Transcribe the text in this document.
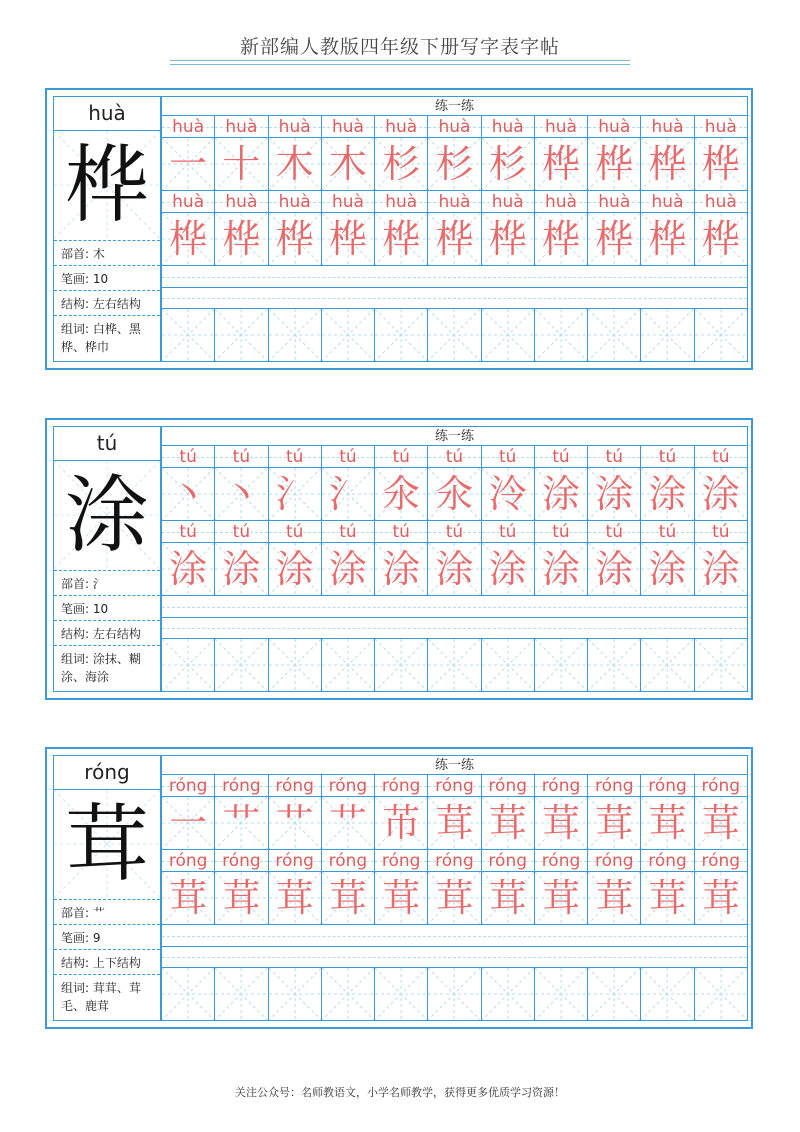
新部编人教版四年级下册写字表字帖
huà
桦
部首: 木
笔画: 10
结构: 左右结构
组词: 白桦、黑桦、桦巾
练一练
huà	huà	huà	huà	huà	huà	huà	huà	huà	huà	huà
一 十 木 木 杉 杉 杉 桦 桦 桦 桦
huà	huà	huà	huà	huà	huà	huà	huà	huà	huà	huà
桦 桦 桦 桦 桦 桦 桦 桦 桦 桦 桦
tú
涂
部首: 氵
笔画: 10
结构: 左右结构
组词: 涂抹、糊涂、海涂
练一练
tú	tú	tú	tú	tú	tú	tú	tú	tú	tú	tú
丶 丶 氵 氵 氽 氽 泠 涂 涂 涂 涂
tú	tú	tú	tú	tú	tú	tú	tú	tú	tú	tú
涂 涂 涂 涂 涂 涂 涂 涂 涂 涂 涂
róng
茸
部首: 艹
笔画: 9
结构: 上下结构
组词: 茸茸、茸毛、鹿茸
练一练
róng róng róng róng róng róng róng róng róng róng róng
一 艹 艹 艹 芇 茸 茸 茸 茸 茸 茸
róng róng róng róng róng róng róng róng róng róng róng
茸 茸 茸 茸 茸 茸 茸 茸 茸 茸 茸
关注公众号：名师教语文，小学名师教学，获得更多优质学习资源！
